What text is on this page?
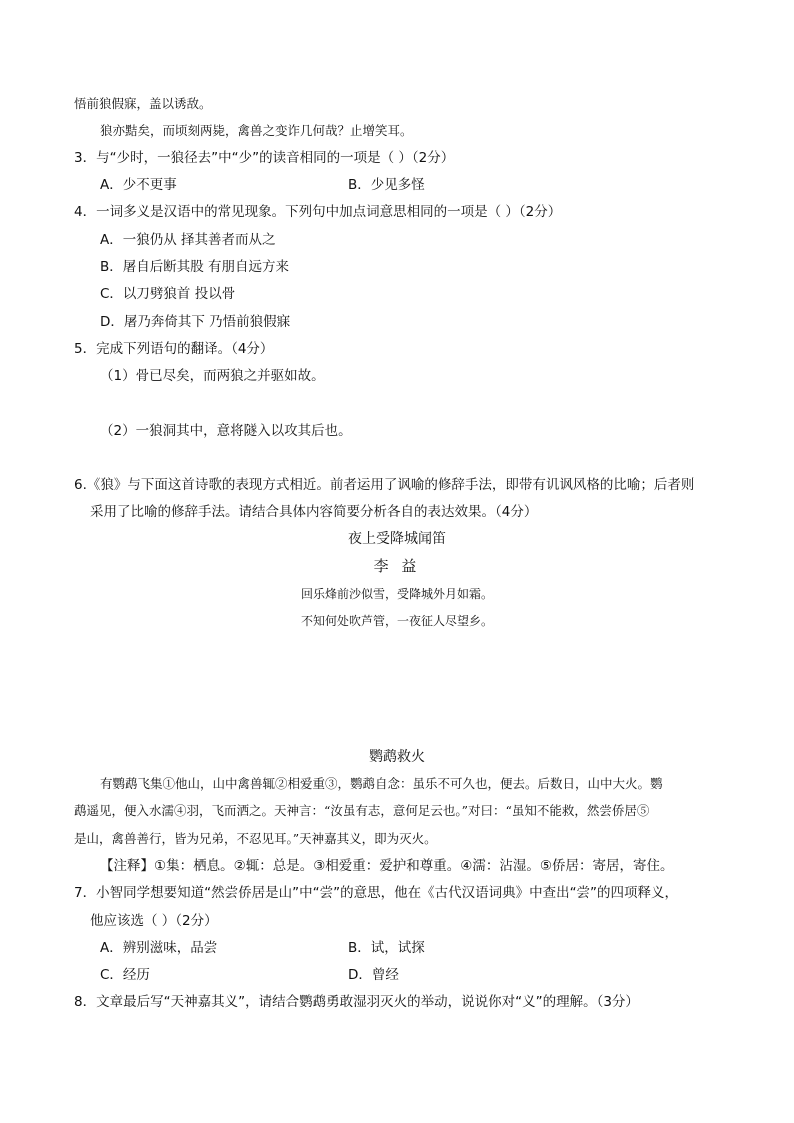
悟前狼假寐，盖以诱敌。
狼亦黠矣，而顷刻两毙，禽兽之变诈几何哉？止增笑耳。
3．与“少时，一狼径去”中“少”的读音相同的一项是（ ）（2分）
A．少不更事	B．少见多怪
4．一词多义是汉语中的常见现象。下列句中加点词意思相同的一项是（ ）（2分）
A．一狼仍从 择其善者而从之
B．屠自后断其股 有朋自远方来
C．以刀劈狼首 投以骨
D．屠乃奔倚其下 乃悟前狼假寐
5．完成下列语句的翻译。（4分）
（1）骨已尽矣，而两狼之并驱如故。
（2）一狼洞其中，意将隧入以攻其后也。
6.《狼》与下面这首诗歌的表现方式相近。前者运用了讽喻的修辞手法，即带有讥讽风格的比喻；后者则
采用了比喻的修辞手法。请结合具体内容简要分析各自的表达效果。（4分）
夜上受降城闻笛
李 益
回乐烽前沙似雪，受降城外月如霜。
不知何处吹芦管，一夜征人尽望乡。
鹦鹉救火
有鹦鹉飞集①他山，山中禽兽辄②相爱重③，鹦鹉自念：虽乐不可久也，便去。后数日，山中大火。鹦
鹉遥见，便入水濡④羽，飞而洒之。天神言：“汝虽有志，意何足云也。”对曰：“虽知不能救，然尝侨居⑤
是山，禽兽善行，皆为兄弟，不忍见耳。”天神嘉其义，即为灭火。
【注释】①集：栖息。②辄：总是。③相爱重：爱护和尊重。④濡：沾湿。⑤侨居：寄居，寄住。
7．小智同学想要知道“然尝侨居是山”中“尝”的意思，他在《古代汉语词典》中查出“尝”的四项释义，
他应该选（ ）（2分）
A．辨别滋味，品尝	B．试，试探
C．经历	D．曾经
8．文章最后写“天神嘉其义”，请结合鹦鹉勇敢湿羽灭火的举动，说说你对“义”的理解。（3分）
